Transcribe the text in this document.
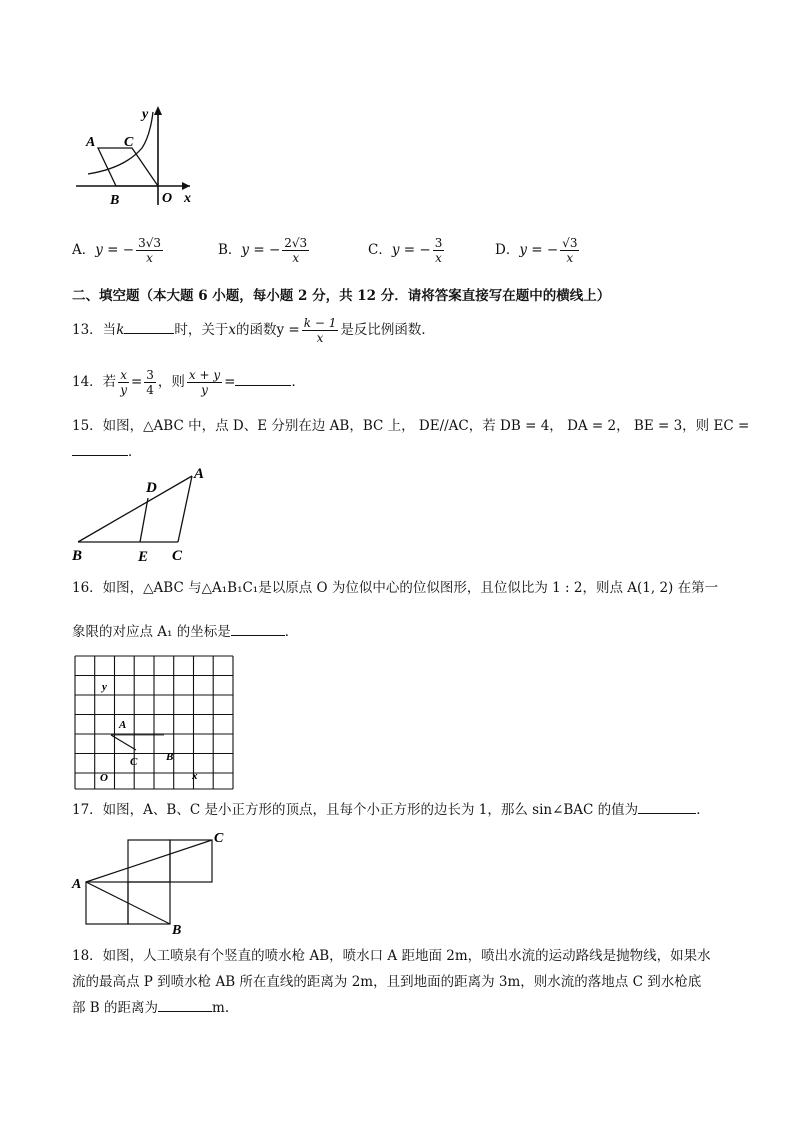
y
A C
B	O x
A．y = − $\frac{3√3}{x}$	B．y = − $\frac{2√3}{x}$	C．y = − $\frac{3}{x}$	D．y = − $\frac{√3}{x}$
二、填空题（本大题 6 小题，每小题 2 分，共 12 分．请将答案直接写在题中的横线上）
13．当k	时，关于x的函数$y = \frac{k - 1}{x}$ 是反比例函数．
14．若 $\frac{x}{y} = \frac{3}{4}$ ，则 $\frac{x + y}{y}$ =	．
15．如图，△ABC 中，点 D、E 分别在边 AB，BC 上， DE//AC，若 DB = 4， DA = 2， BE = 3，则 EC =
．
A
D
B	E C
16．如图，△ABC 与△A₁B₁C₁是以原点 O 为位似中心的位似图形，且位似比为 1 : 2，则点 A(1, 2) 在第一
象限的对应点 A₁ 的坐标是	．
y
A
B
C
O	x
17．如图，A、B、C 是小正方形的顶点，且每个小正方形的边长为 1，那么 sin∠BAC 的值为	．
A
C
B
18．如图，人工喷泉有个竖直的喷水枪 AB，喷水口 A 距地面 2m，喷出水流的运动路线是抛物线，如果水
流的最高点 P 到喷水枪 AB 所在直线的距离为 2m，且到地面的距离为 3m，则水流的落地点 C 到水枪底
部 B 的距离为	m.
